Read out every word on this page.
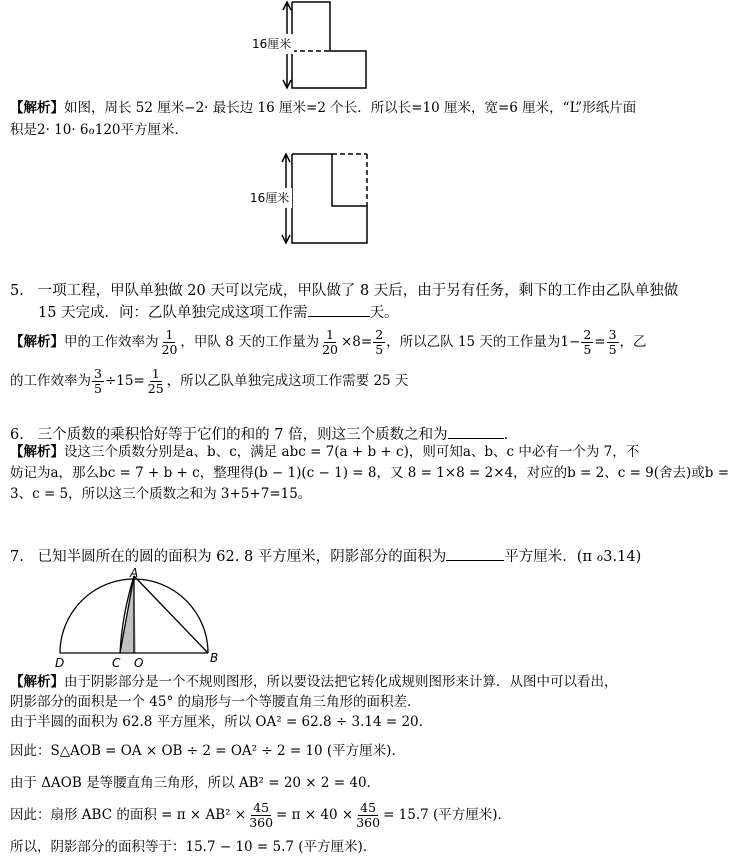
16厘米
【解析】如图，周长 52 厘米−2· 最长边 16 厘米=2 个长．所以长=10 厘米，宽=6 厘米，“L”形纸片面
积是2· 10· 6ℴ120平方厘米．
16厘米
5. 一项工程，甲队单独做 20 天可以完成，甲队做了 8 天后，由于另有任务，剩下的工作由乙队单独做
15 天完成．问：乙队单独完成这项工作需	天。
【解析】 甲的工作效率为 $\frac{1}{20}$ ，甲队 8 天的工作量为 $\frac{1}{20} \times 8= \frac{2}{5}$ ，所以乙队 15 天的工作量为$1- \frac{2}{5} = \frac{3}{5}$ ，乙
的工作效率为 $\frac{3}{5} \div 15= \frac{1}{25}$ ，所以乙队单独完成这项工作需要 25 天
6. 三个质数的乘积恰好等于它们的和的 7 倍，则这三个质数之和为	.
【解析】设这三个质数分别是a、b、c，满足 abc = 7(a + b + c)，则可知a、b、c 中必有一个为 7，不
妨记为a，那么bc = 7 + b + c，整理得(b − 1)(c − 1) = 8，又 8 = 1×8 = 2×4，对应的b = 2、c = 9(舍去)或b =
3、c = 5，所以这三个质数之和为 3+5+7=15。
7. 已知半圆所在的圆的面积为 62. 8 平方厘米，阴影部分的面积为	平方厘米．(π ℴ3.14)
A
B
C
D	O
【解析】由于阴影部分是一个不规则图形，所以要设法把它转化成规则图形来计算．从图中可以看出，
阴影部分的面积是一个 45° 的扇形与一个等腰直角三角形的面积差．
由于半圆的面积为 62.8 平方厘米，所以 OA² = 62.8 ÷ 3.14 = 20．
因此：S△AOB = OA × OB ÷ 2 = OA² ÷ 2 = 10 (平方厘米)．
由于 ΔAOB 是等腰直角三角形，所以 AB² = 20 × 2 = 40．
因此：扇形 ABC 的面积 = $\pi \times AB^2 \times \frac{45}{360} = \pi \times 40 \times \frac{45}{360} = 15.7$ (平方厘米)．
所以，阴影部分的面积等于：15.7 − 10 = 5.7 (平方厘米)．
